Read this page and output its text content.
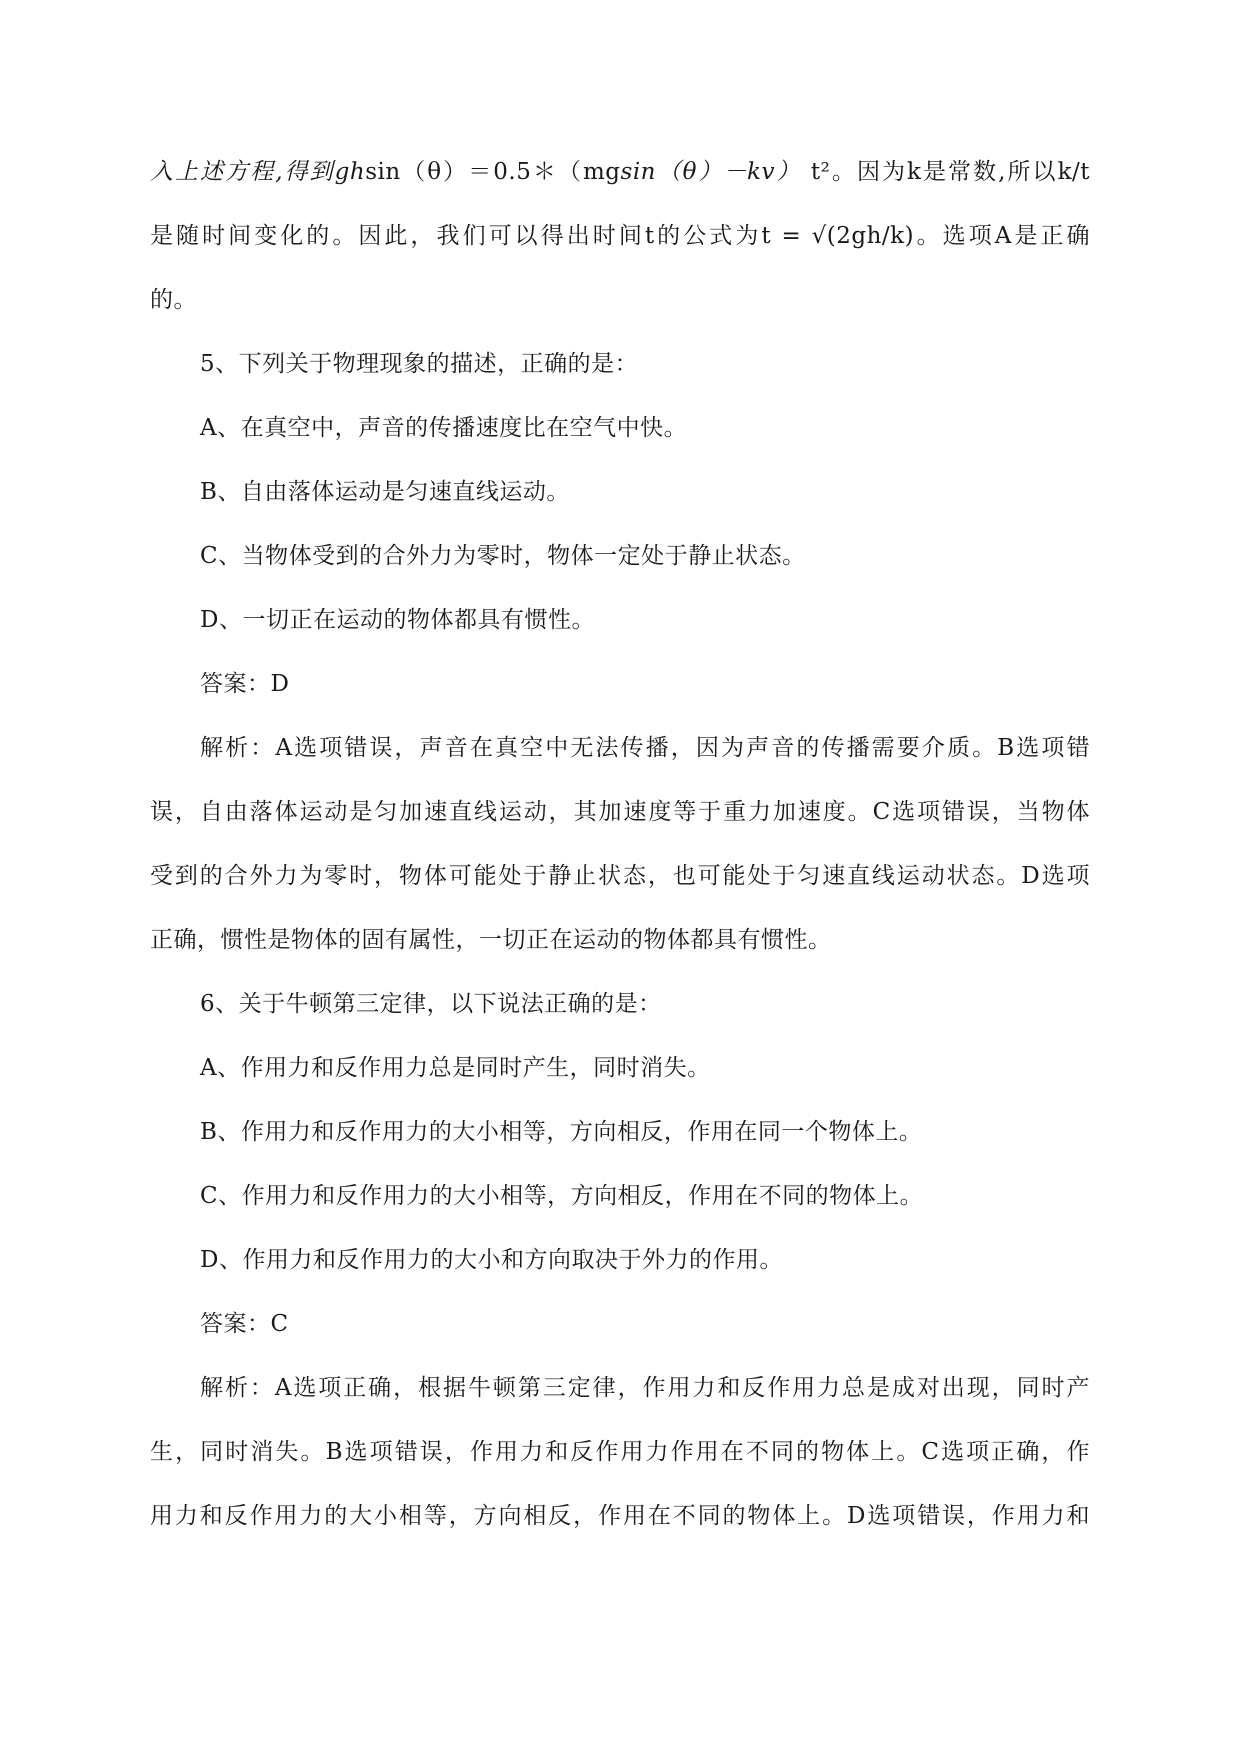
入上述方程,得到ghsin（θ）＝0.5＊（mgsin（θ）－kv） t²。因为k是常数,所以k/t
是随时间变化的。因此，我们可以得出时间t的公式为t = √(2gh/k)。选项A是正确
的。
5、下列关于物理现象的描述，正确的是：
A、在真空中，声音的传播速度比在空气中快。
B、自由落体运动是匀速直线运动。
C、当物体受到的合外力为零时，物体一定处于静止状态。
D、一切正在运动的物体都具有惯性。
答案：D
解析：A选项错误，声音在真空中无法传播，因为声音的传播需要介质。B选项错
误，自由落体运动是匀加速直线运动，其加速度等于重力加速度。C选项错误，当物体
受到的合外力为零时，物体可能处于静止状态，也可能处于匀速直线运动状态。D选项
正确，惯性是物体的固有属性，一切正在运动的物体都具有惯性。
6、关于牛顿第三定律，以下说法正确的是：
A、作用力和反作用力总是同时产生，同时消失。
B、作用力和反作用力的大小相等，方向相反，作用在同一个物体上。
C、作用力和反作用力的大小相等，方向相反，作用在不同的物体上。
D、作用力和反作用力的大小和方向取决于外力的作用。
答案：C
解析：A选项正确，根据牛顿第三定律，作用力和反作用力总是成对出现，同时产
生，同时消失。B选项错误，作用力和反作用力作用在不同的物体上。C选项正确，作
用力和反作用力的大小相等，方向相反，作用在不同的物体上。D选项错误，作用力和
